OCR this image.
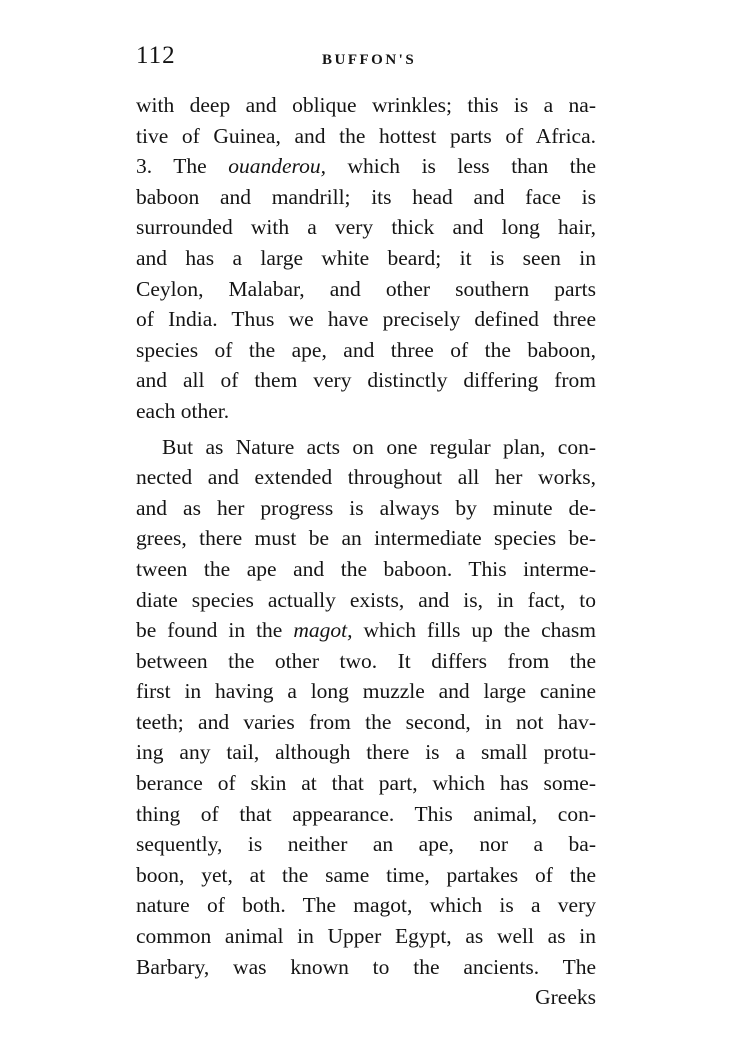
112	BUFFON'S
with deep and oblique wrinkles; this is a na-
tive of Guinea, and the hottest parts of Africa.
3. The ouanderou, which is less than the
baboon and mandrill; its head and face is
surrounded with a very thick and long hair,
and has a large white beard; it is seen in
Ceylon, Malabar, and other southern parts
of India. Thus we have precisely defined three
species of the ape, and three of the baboon,
and all of them very distinctly differing from
each other.
But as Nature acts on one regular plan, con-
nected and extended throughout all her works,
and as her progress is always by minute de-
grees, there must be an intermediate species be-
tween the ape and the baboon. This interme-
diate species actually exists, and is, in fact, to
be found in the magot, which fills up the chasm
between the other two. It differs from the
first in having a long muzzle and large canine
teeth; and varies from the second, in not hav-
ing any tail, although there is a small protu-
berance of skin at that part, which has some-
thing of that appearance. This animal, con-
sequently, is neither an ape, nor a ba-
boon, yet, at the same time, partakes of the
nature of both. The magot, which is a very
common animal in Upper Egypt, as well as in
Barbary, was known to the ancients. The
Greeks
